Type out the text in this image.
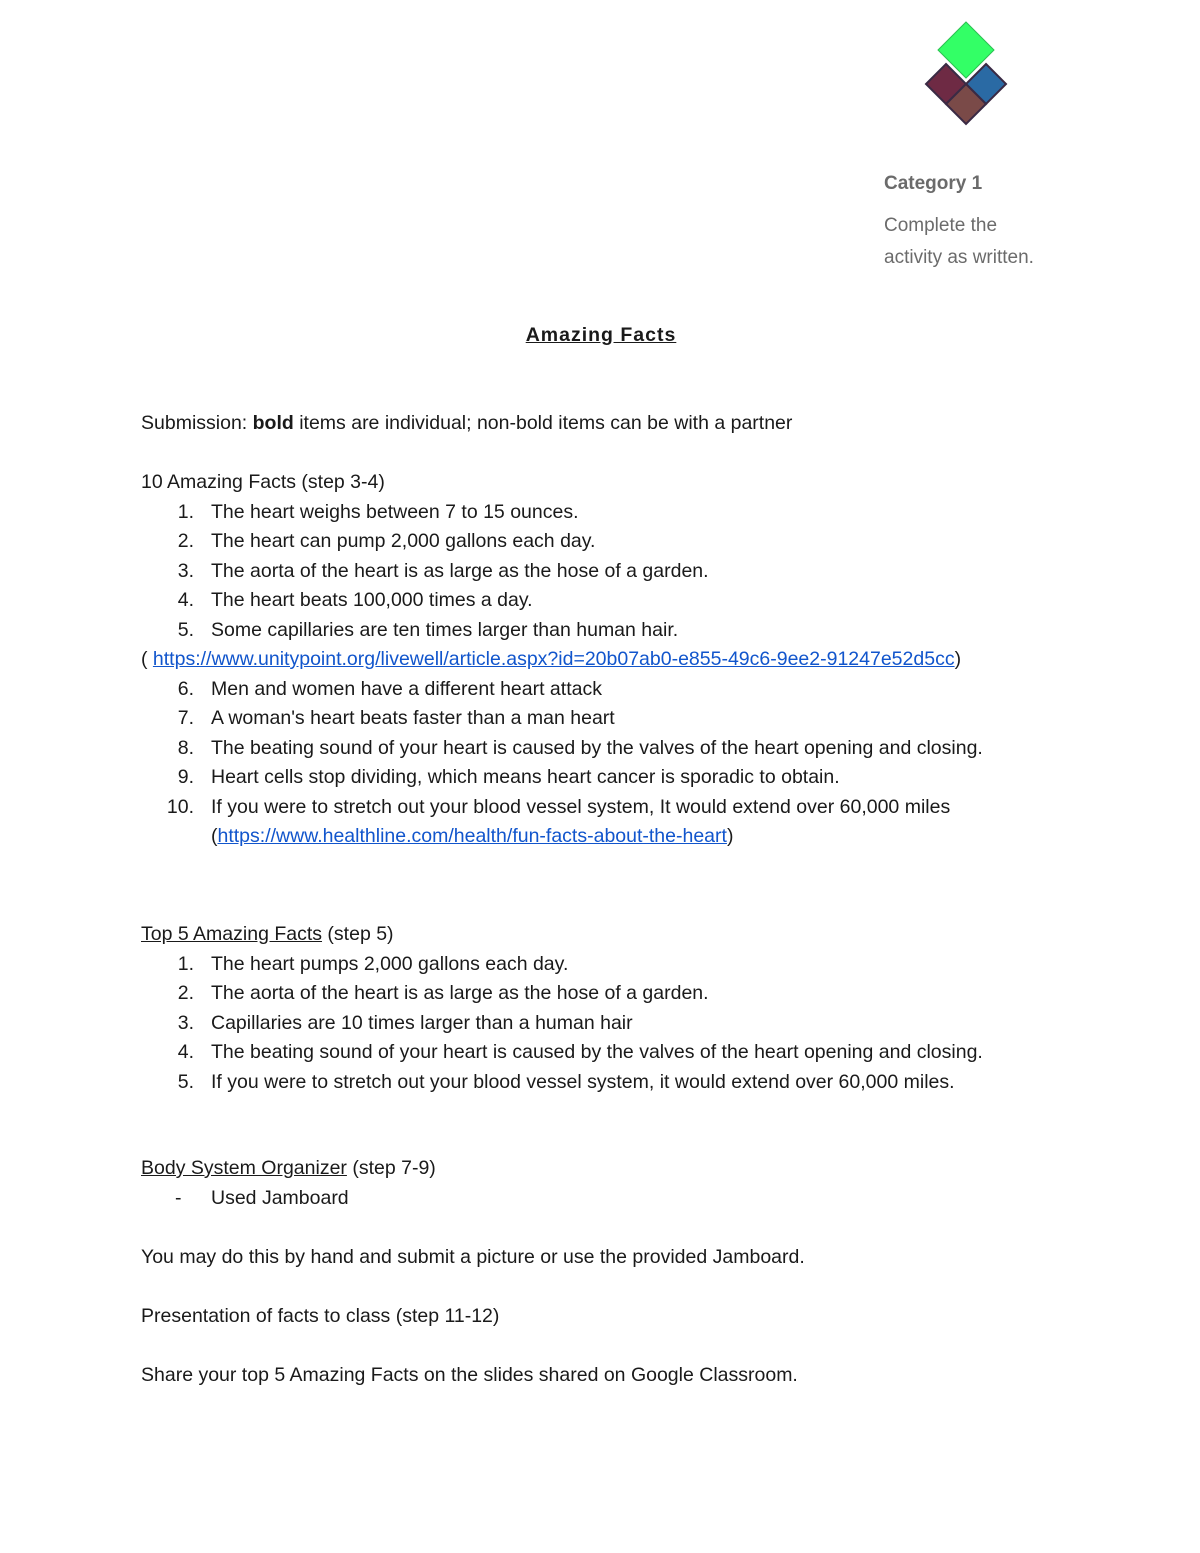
Category 1
Complete the
activity as written.
Amazing Facts
Submission: bold items are individual; non-bold items can be with a partner
10 Amazing Facts (step 3-4)
1. The heart weighs between 7 to 15 ounces.
2. The heart can pump 2,000 gallons each day.
3. The aorta of the heart is as large as the hose of a garden.
4. The heart beats 100,000 times a day.
5. Some capillaries are ten times larger than human hair.
( https://www.unitypoint.org/livewell/article.aspx?id=20b07ab0-e855-49c6-9ee2-91247e52d5cc)
6. Men and women have a different heart attack
7. A woman's heart beats faster than a man heart
8. The beating sound of your heart is caused by the valves of the heart opening and closing.
9. Heart cells stop dividing, which means heart cancer is sporadic to obtain.
10. If you were to stretch out your blood vessel system, It would extend over 60,000 miles
(https://www.healthline.com/health/fun-facts-about-the-heart)
Top 5 Amazing Facts (step 5)
1. The heart pumps 2,000 gallons each day.
2. The aorta of the heart is as large as the hose of a garden.
3. Capillaries are 10 times larger than a human hair
4. The beating sound of your heart is caused by the valves of the heart opening and closing.
5. If you were to stretch out your blood vessel system, it would extend over 60,000 miles.
Body System Organizer (step 7-9)
-	Used Jamboard
You may do this by hand and submit a picture or use the provided Jamboard.
Presentation of facts to class (step 11-12)
Share your top 5 Amazing Facts on the slides shared on Google Classroom.
